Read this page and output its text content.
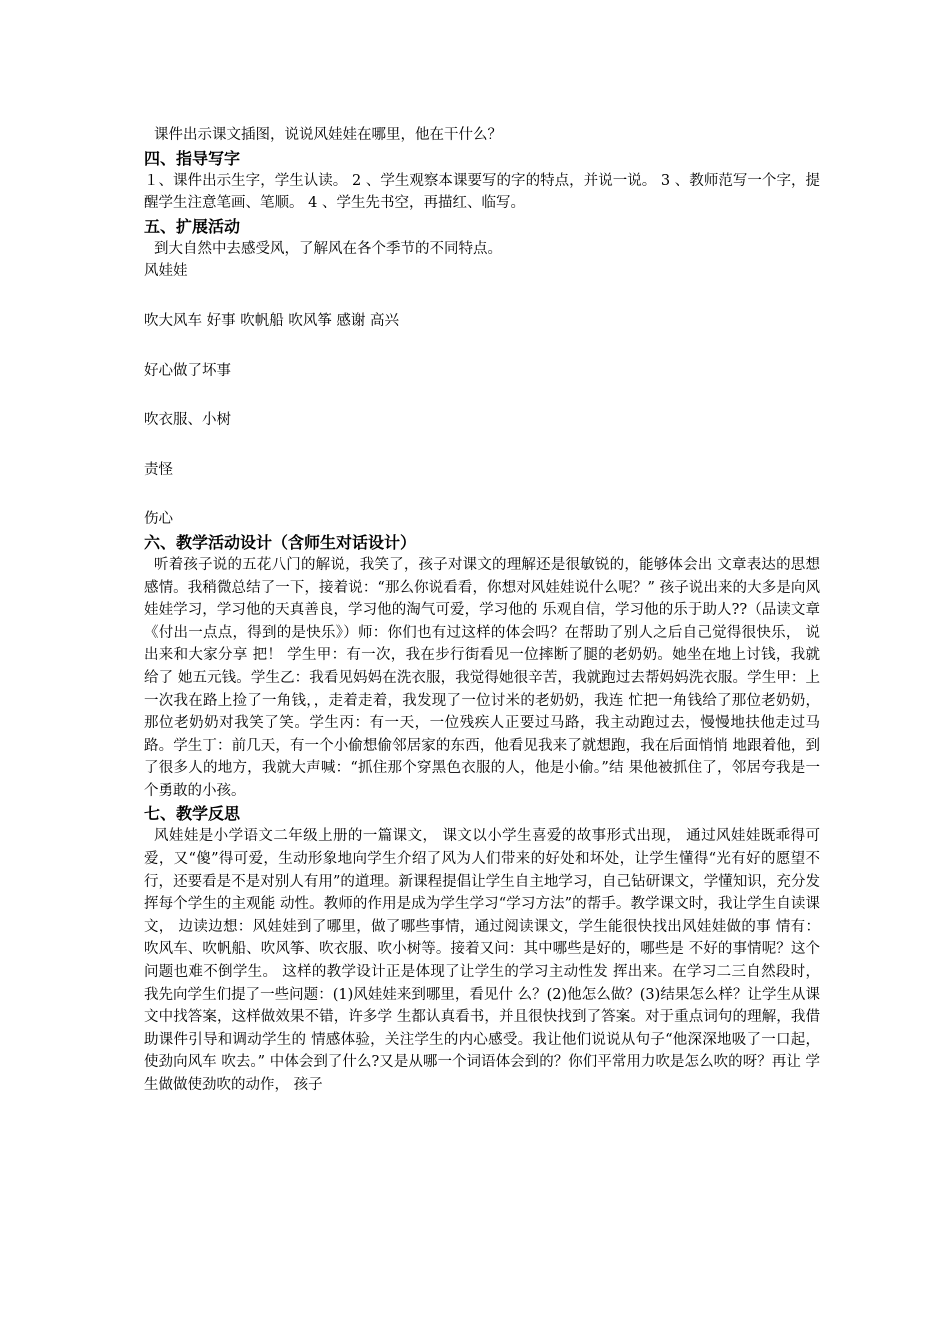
课件出示课文插图，说说风娃娃在哪里，他在干什么？

四、指导写字

１、课件出示生字，学生认读。 2 、学生观察本课要写的字的特点，并说一说。 3 、教师范写一个字，提醒学生注意笔画、笔顺。 4 、学生先书空，再描红、临写。

五、扩展活动

到大自然中去感受风，了解风在各个季节的不同特点。

风娃娃

吹大风车 好事 吹帆船 吹风筝 感谢 高兴

好心做了坏事

吹衣服、小树

责怪

伤心

六、教学活动设计（含师生对话设计）

听着孩子说的五花八门的解说，我笑了，孩子对课文的理解还是很敏锐的，能够体会出 文章表达的思想感情。我稍微总结了一下，接着说：“那么你说看看，你想对风娃娃说什么呢？” 孩子说出来的大多是向风娃娃学习，学习他的天真善良，学习他的淘气可爱，学习他的 乐观自信，学习他的乐于助人??（品读文章《付出一点点，得到的是快乐》）师：你们也有过这样的体会吗？在帮助了别人之后自己觉得很快乐， 说出来和大家分享 把！ 学生甲：有一次，我在步行街看见一位摔断了腿的老奶奶。她坐在地上讨钱，我就给了 她五元钱。学生乙：我看见妈妈在洗衣服，我觉得她很辛苦，我就跑过去帮妈妈洗衣服。学生甲：上一次我在路上捡了一角钱，，走着走着，我发现了一位讨米的老奶奶，我连 忙把一角钱给了那位老奶奶，那位老奶奶对我笑了笑。学生丙：有一天，一位残疾人正要过马路，我主动跑过去，慢慢地扶他走过马路。学生丁：前几天，有一个小偷想偷邻居家的东西，他看见我来了就想跑，我在后面悄悄 地跟着他，到了很多人的地方，我就大声喊：“抓住那个穿黑色衣服的人，他是小偷。”结 果他被抓住了，邻居夸我是一个勇敢的小孩。

七、教学反思

风娃娃是小学语文二年级上册的一篇课文， 课文以小学生喜爱的故事形式出现， 通过风娃娃既乖得可爱，又“傻”得可爱，生动形象地向学生介绍了风为人们带来的好处和坏处，让学生懂得“光有好的愿望不行，还要看是不是对别人有用”的道理。新课程提倡让学生自主地学习，自己钻研课文，学懂知识，充分发挥每个学生的主观能 动性。教师的作用是成为学生学习“学习方法”的帮手。教学课文时，我让学生自读课文， 边读边想：风娃娃到了哪里，做了哪些事情，通过阅读课文，学生能很快找出风娃娃做的事 情有：吹风车、吹帆船、吹风筝、吹衣服、吹小树等。接着又问：其中哪些是好的，哪些是 不好的事情呢？这个问题也难不倒学生。 这样的教学设计正是体现了让学生的学习主动性发 挥出来。在学习二三自然段时，我先向学生们提了一些问题：(1)风娃娃来到哪里，看见什 么？(2)他怎么做？(3)结果怎么样？让学生从课文中找答案，这样做效果不错，许多学 生都认真看书，并且很快找到了答案。对于重点词句的理解，我借助课件引导和调动学生的 情感体验，关注学生的内心感受。我让他们说说从句子“他深深地吸了一口起，使劲向风车 吹去。” 中体会到了什么?又是从哪一个词语体会到的？你们平常用力吹是怎么吹的呀？再让 学生做做使劲吹的动作， 孩子
